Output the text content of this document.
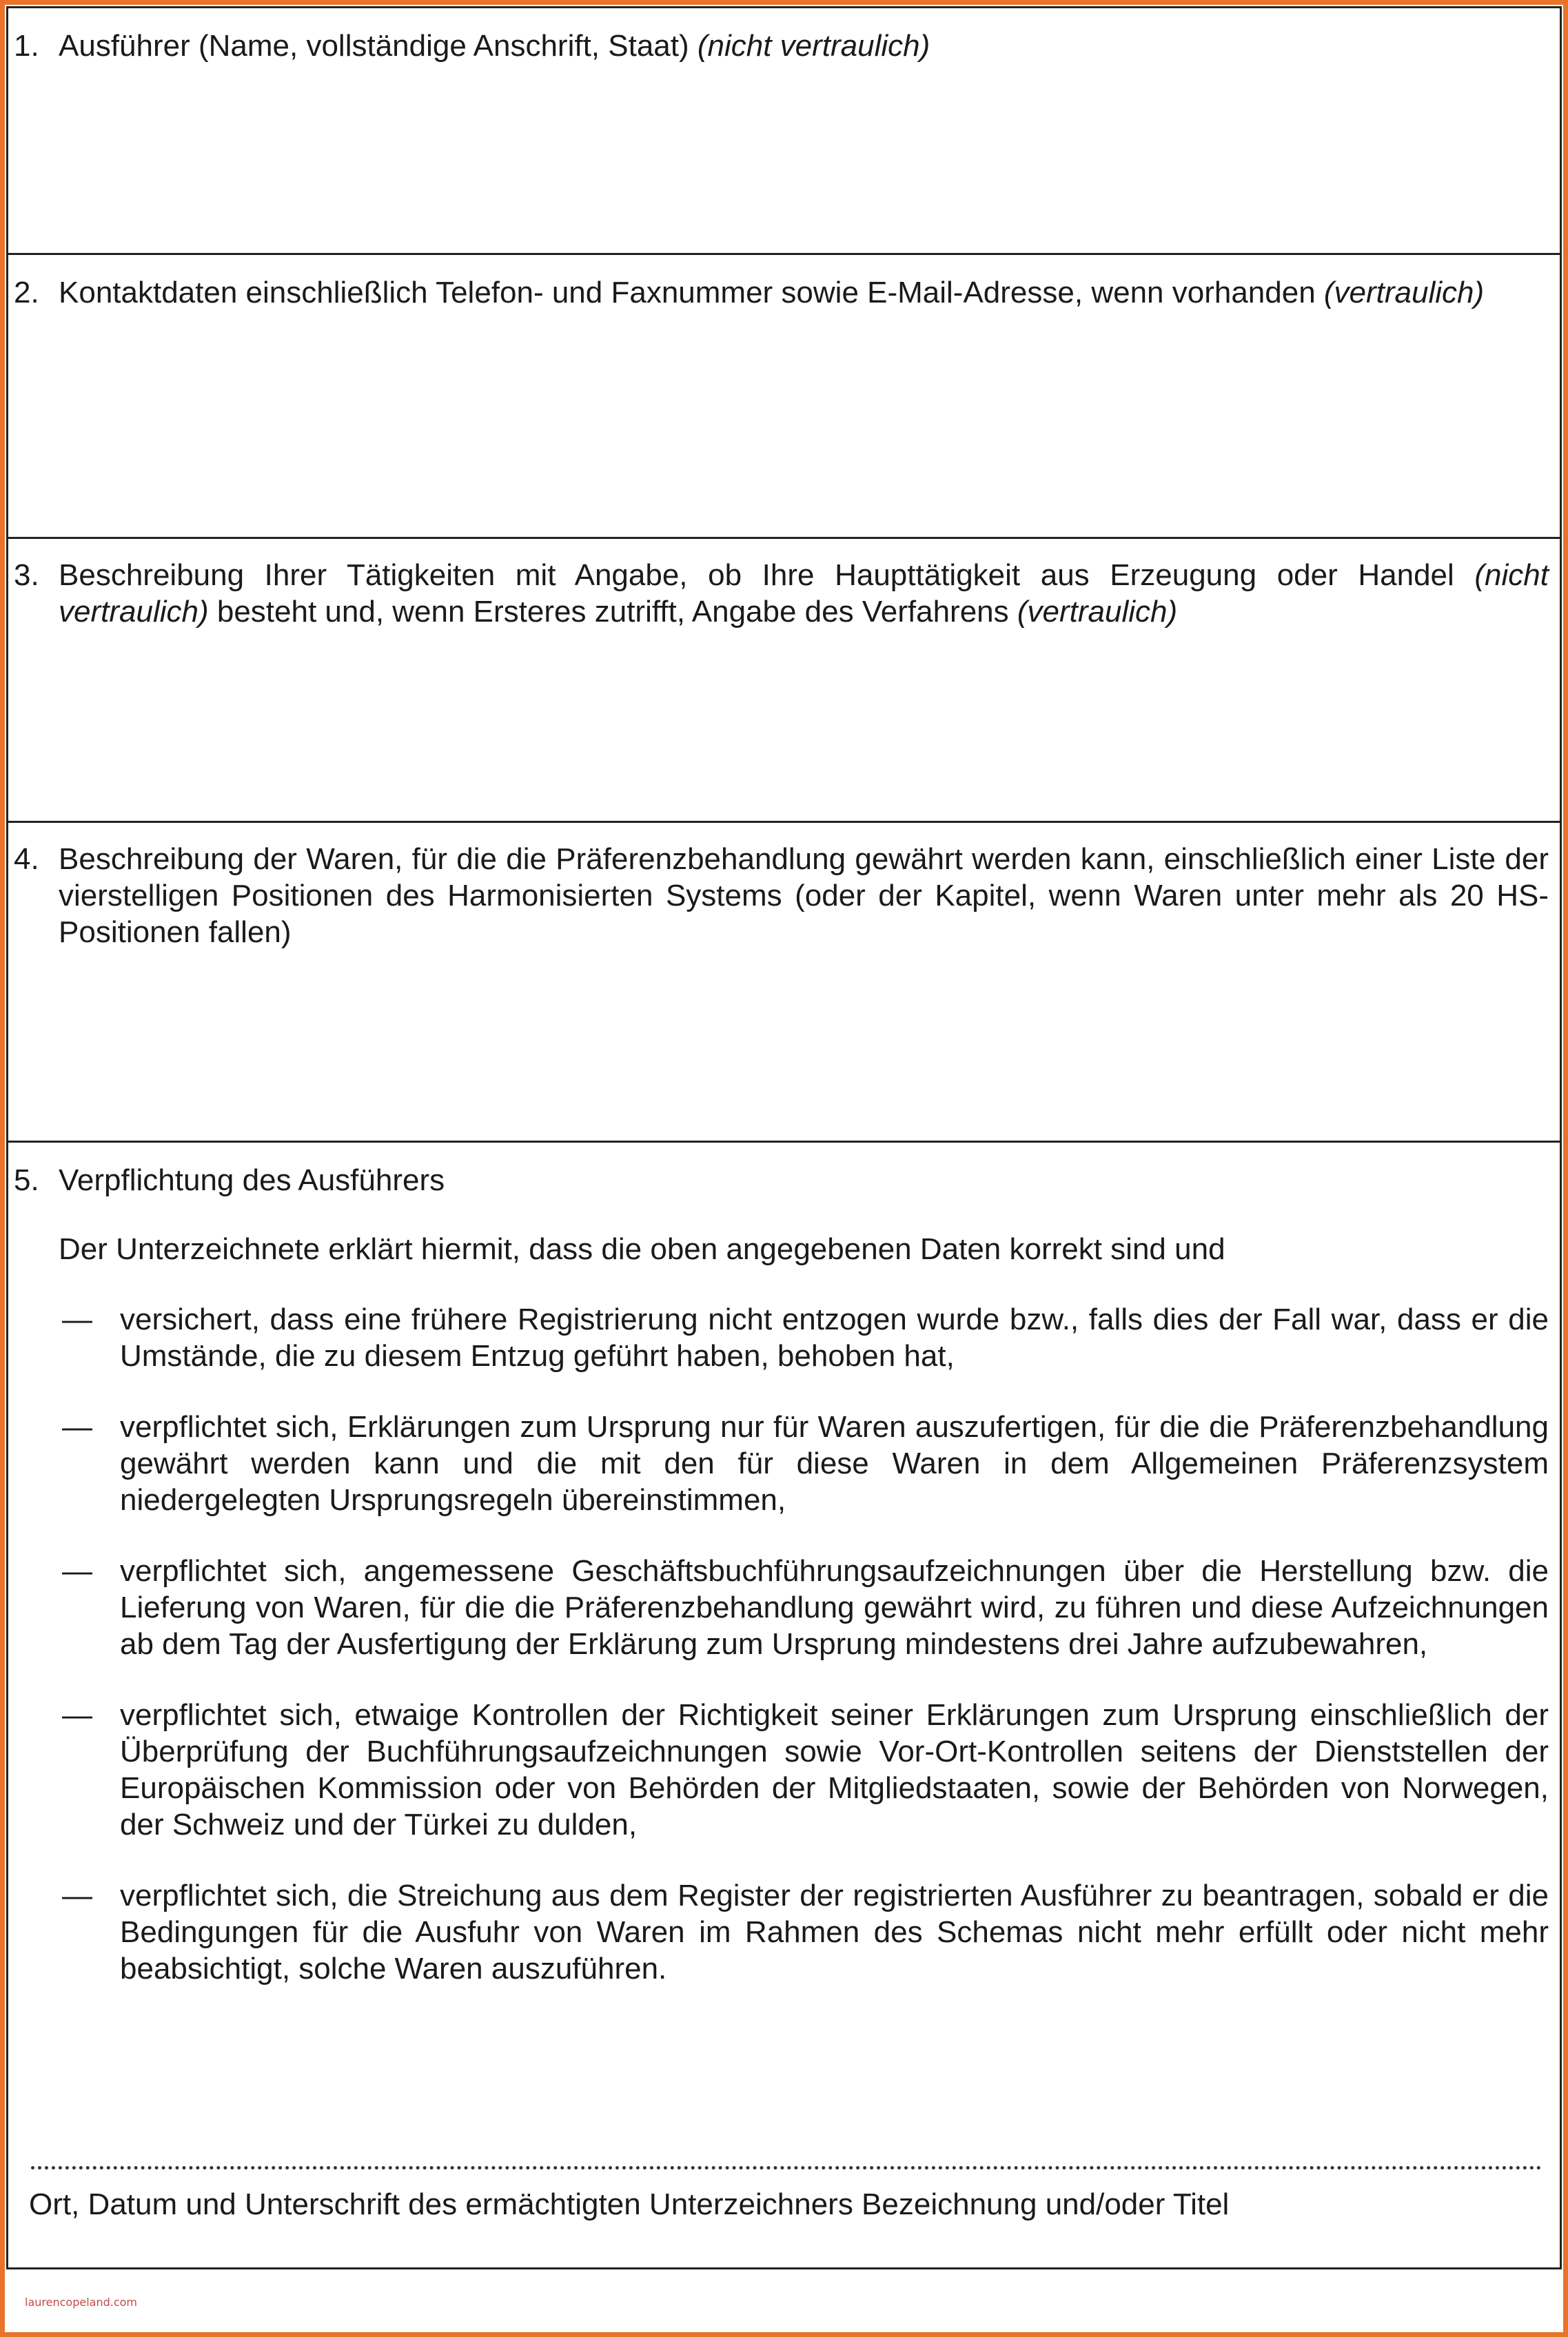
1. Ausführer (Name, vollständige Anschrift, Staat) (nicht vertraulich)
2. Kontaktdaten einschließlich Telefon- und Faxnummer sowie E-Mail-Adresse, wenn vorhanden (vertraulich)
3. Beschreibung Ihrer Tätigkeiten mit Angabe, ob Ihre Haupttätigkeit aus Erzeugung oder Handel (nicht vertraulich) besteht und, wenn Ersteres zutrifft, Angabe des Verfahrens (vertraulich)
4. Beschreibung der Waren, für die die Präferenzbehandlung gewährt werden kann, einschließlich einer Liste der vierstelligen Positionen des Harmonisierten Systems (oder der Kapitel, wenn Waren unter mehr als 20 HS-Positionen fallen)
5. Verpflichtung des Ausführers
Der Unterzeichnete erklärt hiermit, dass die oben angegebenen Daten korrekt sind und
— versichert, dass eine frühere Registrierung nicht entzogen wurde bzw., falls dies der Fall war, dass er die Umstände, die zu diesem Entzug geführt haben, behoben hat,
— verpflichtet sich, Erklärungen zum Ursprung nur für Waren auszufertigen, für die die Präferenzbehandlung gewährt werden kann und die mit den für diese Waren in dem Allgemeinen Präferenzsystem niedergelegten Ursprungsregeln übereinstimmen,
— verpflichtet sich, angemessene Geschäftsbuchführungsaufzeichnungen über die Herstellung bzw. die Lieferung von Waren, für die die Präferenzbehandlung gewährt wird, zu führen und diese Aufzeichnungen ab dem Tag der Ausfertigung der Erklärung zum Ursprung mindestens drei Jahre aufzubewahren,
— verpflichtet sich, etwaige Kontrollen der Richtigkeit seiner Erklärungen zum Ursprung einschließlich der Überprüfung der Buchführungsaufzeichnungen sowie Vor-Ort-Kontrollen seitens der Dienststellen der Europäischen Kommission oder von Behörden der Mitgliedstaaten, sowie der Behörden von Norwegen, der Schweiz und der Türkei zu dulden,
— verpflichtet sich, die Streichung aus dem Register der registrierten Ausführer zu beantragen, sobald er die Bedingungen für die Ausfuhr von Waren im Rahmen des Schemas nicht mehr erfüllt oder nicht mehr beabsichtigt, solche Waren auszuführen.
Ort, Datum und Unterschrift des ermächtigten Unterzeichners Bezeichnung und/oder Titel
laurencopeland.com
